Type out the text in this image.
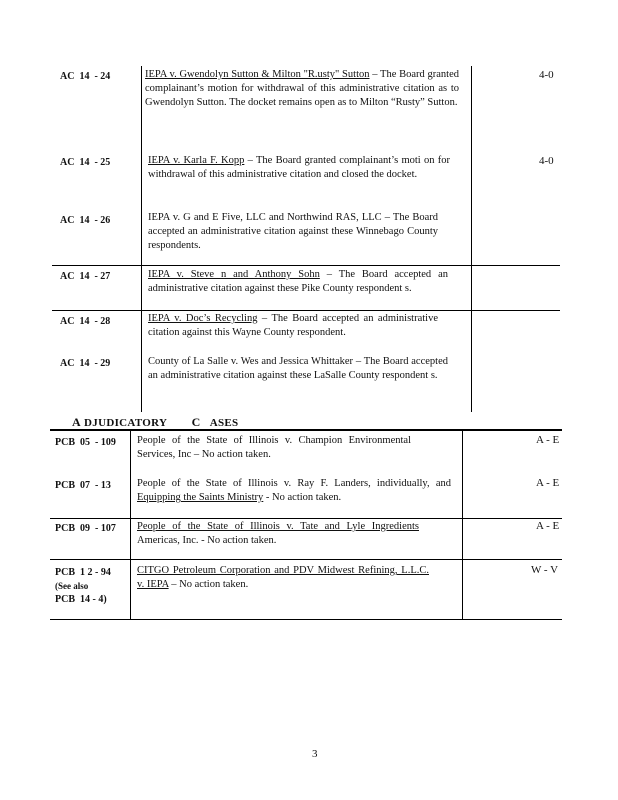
AC  14  - 24	IEPA v. Gwendolyn Sutton & Milton "R.usty" Sutton – The Board granted complainant’s motion for withdrawal of this administrative citation as to Gwendolyn Sutton. The docket remains open as to Milton “Rusty” Sutton.
4-0
AC  14  - 25	IEPA v. Karla F. Kopp – The Board granted complainant’s moti on for withdrawal of this administrative citation and closed the docket.
4-0
AC  14  - 26	IEPA v. G and E Five, LLC and Northwind RAS, LLC – The Board accepted an administrative citation against these Winnebago County respondents.
AC  14  - 27	IEPA v. Steve n and Anthony Sohn – The Board accepted an administrative citation against these Pike County respondent s.
AC  14  - 28	IEPA v. Doc’s Recycling – The Board accepted an administrative citation against this Wayne County respondent.
AC  14  - 29	County of La Salle v. Wes and Jessica Whittaker – The Board accepted an administrative citation against these LaSalle County respondent s.
A DJUDICATORY C ASES
PCB  05  - 109 People of the State of Illinois v. Champion Environmental Services, Inc – No action taken.
A - E
PCB  07  - 13 People of the State of Illinois v. Ray F. Landers, individually, and Equipping the Saints Ministry - No action taken.
A - E
PCB  09  - 107 People of the State of Illinois v. Tate and Lyle Ingredients Americas, Inc. - No action taken.
A - E
PCB  1 2 - 94
(See also
PCB  14 - 4)
CITGO Petroleum Corporation and PDV Midwest Refining, L.L.C. v. IEPA – No action taken.
W - V
3
